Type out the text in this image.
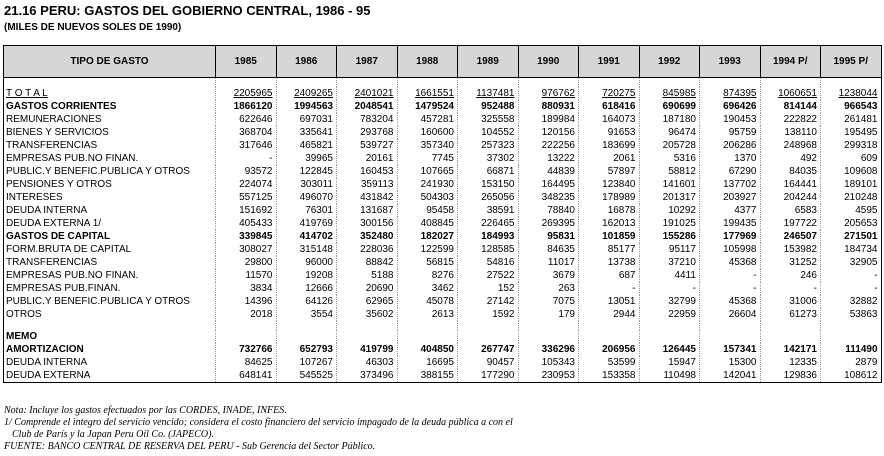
21.16 PERU: GASTOS DEL GOBIERNO CENTRAL, 1986 - 95
(MILES DE NUEVOS SOLES DE 1990)
TIPO DE GASTO	1985	1986	1987	1988	1989	1990	1991	1992	1993	1994 P/	1995 P/

T O T A L	2205965	2409265	2401021	1661551	1137481	976762	720275	845985	874395	1060651	1238044
GASTOS CORRIENTES	1866120	1994563	2048541	1479524	952488	880931	618416	690699	696426	814144	966543
REMUNERACIONES	622646	697031	783204	457281	325558	189984	164073	187180	190453	222822	261481
BIENES Y SERVICIOS	368704	335641	293768	160600	104552	120156	91653	96474	95759	138110	195495
TRANSFERENCIAS	317646	465821	539727	357340	257323	222256	183699	205728	206286	248968	299318
EMPRESAS PUB.NO FINAN.	-	39965	20161	7745	37302	13222	2061	5316	1370	492	609
PUBLIC.Y BENEFIC.PUBLICA Y OTROS	93572	122845	160453	107665	66871	44839	57897	58812	67290	84035	109608
PENSIONES Y OTROS	224074	303011	359113	241930	153150	164495	123840	141601	137702	164441	189101
INTERESES	557125	496070	431842	504303	265056	348235	178989	201317	203927	204244	210248
DEUDA INTERNA	151692	76301	131687	95458	38591	78840	16878	10292	4377	6583	4595
DEUDA EXTERNA 1/	405433	419769	300156	408845	226465	269395	162013	191025	199435	197722	205653
GASTOS DE CAPITAL	339845	414702	352480	182027	184993	95831	101859	155286	177969	246507	271501
FORM.BRUTA DE CAPITAL	308027	315148	228036	122599	128585	84635	85177	95117	105998	153982	184734
TRANSFERENCIAS	29800	96000	88842	56815	54816	11017	13738	37210	45368	31252	32905
EMPRESAS PUB.NO FINAN.	11570	19208	5188	8276	27522	3679	687	4411	-	246	-
EMPRESAS PUB.FINAN.	3834	12666	20690	3462	152	263	-	-	-	-	-
PUBLIC.Y BENEFIC.PUBLICA Y OTROS	14396	64126	62965	45078	27142	7075	13051	32799	45368	31006	32882
OTROS	2018	3554	35602	2613	1592	179	2944	22959	26604	61273	53863

MEMO											
AMORTIZACION	732766	652793	419799	404850	267747	336296	206956	126445	157341	142171	111490
DEUDA INTERNA	84625	107267	46303	16695	90457	105343	53599	15947	15300	12335	2879
DEUDA EXTERNA	648141	545525	373496	388155	177290	230953	153358	110498	142041	129836	108612
Nota: Incluye los gastos efectuados por las CORDES, INADE, INFES.
1/ Comprende el integro del servicio vencido; considera el costo financiero del servicio impagado de la deuda pública a con el
Club de París y la Japan Peru Oil Co. (JAPECO).
FUENTE: BANCO CENTRAL DE RESERVA DEL PERU - Sub Gerencia del Sector Público.
